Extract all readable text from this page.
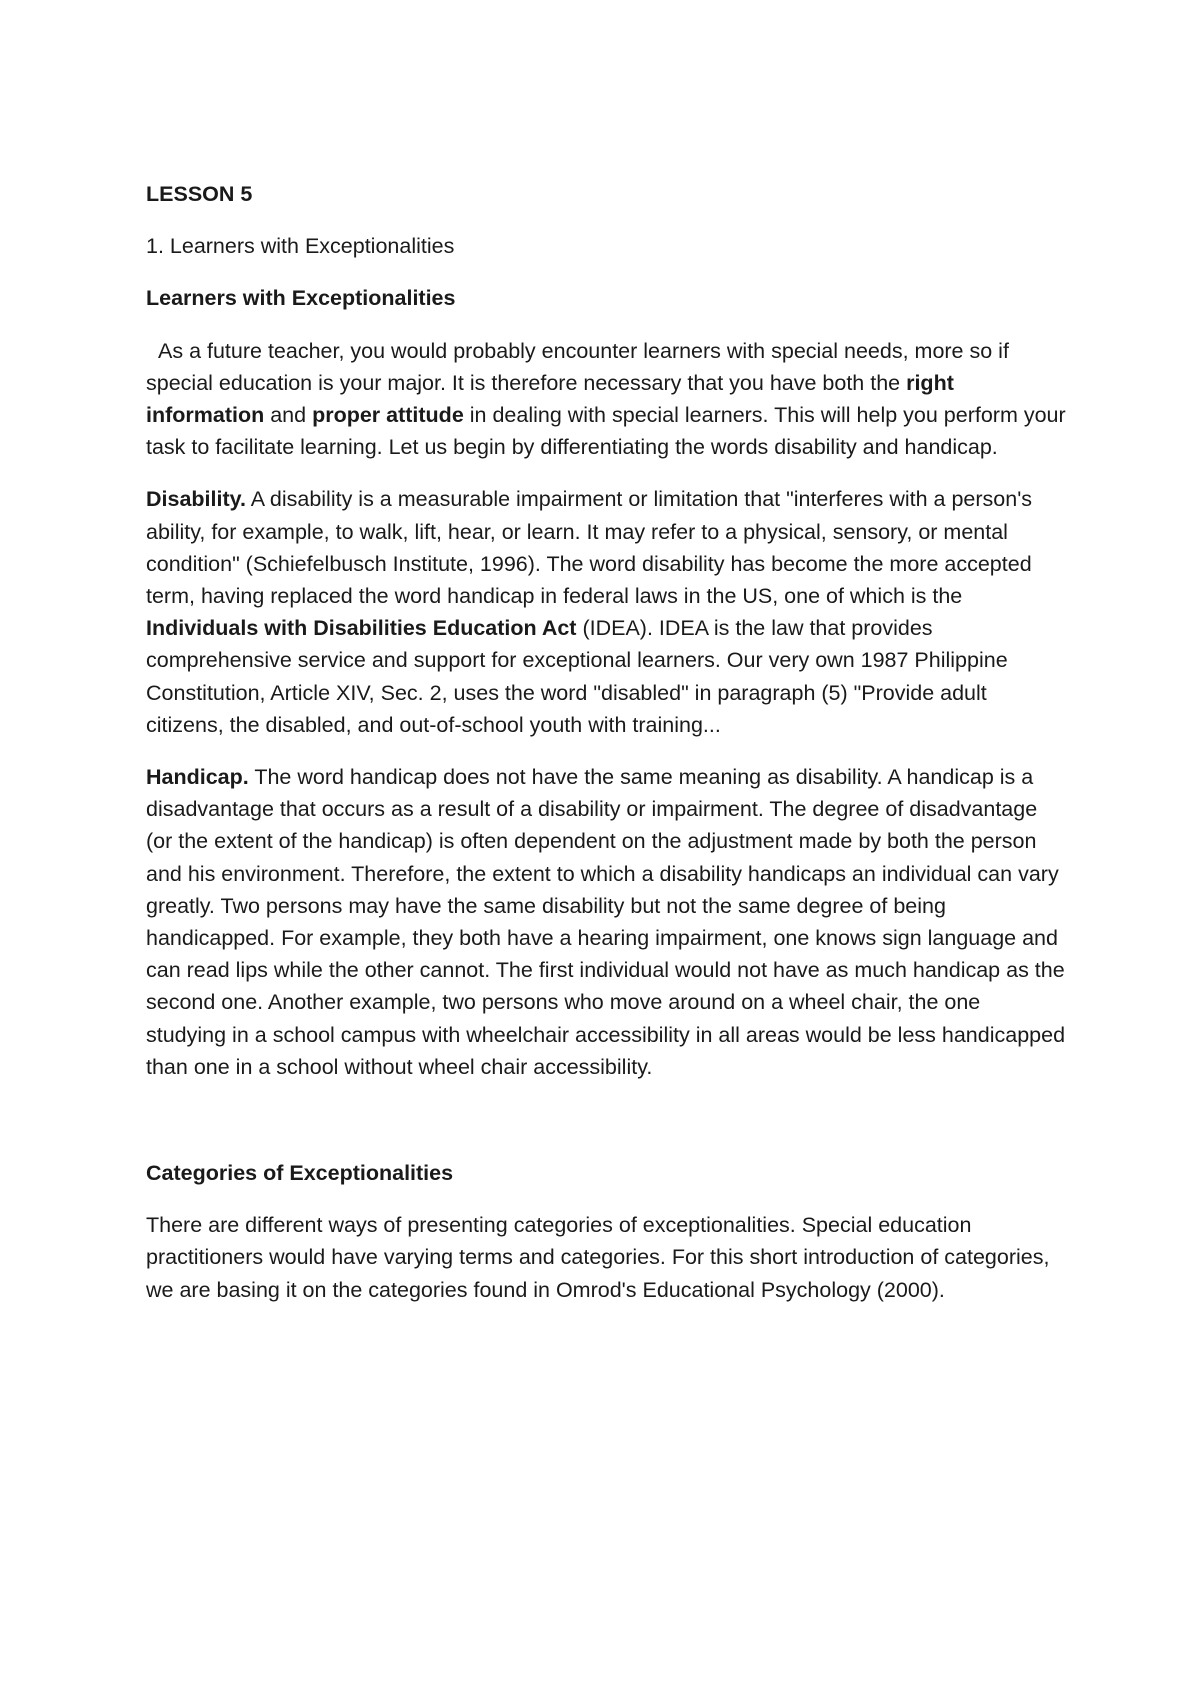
LESSON 5

1. Learners with Exceptionalities

Learners with Exceptionalities

As a future teacher, you would probably encounter learners with special needs, more so if special education is your major. It is therefore necessary that you have both the right information and proper attitude in dealing with special learners. This will help you perform your task to facilitate learning. Let us begin by differentiating the words disability and handicap.

Disability. A disability is a measurable impairment or limitation that "interferes with a person's ability, for example, to walk, lift, hear, or learn. It may refer to a physical, sensory, or mental condition" (Schiefelbusch Institute, 1996). The word disability has become the more accepted term, having replaced the word handicap in federal laws in the US, one of which is the Individuals with Disabilities Education Act (IDEA). IDEA is the law that provides comprehensive service and support for exceptional learners. Our very own 1987 Philippine Constitution, Article XIV, Sec. 2, uses the word "disabled" in paragraph (5) "Provide adult citizens, the disabled, and out-of-school youth with training...

Handicap. The word handicap does not have the same meaning as disability. A handicap is a disadvantage that occurs as a result of a disability or impairment. The degree of disadvantage (or the extent of the handicap) is often dependent on the adjustment made by both the person and his environment. Therefore, the extent to which a disability handicaps an individual can vary greatly. Two persons may have the same disability but not the same degree of being handicapped. For example, they both have a hearing impairment, one knows sign language and can read lips while the other cannot. The first individual would not have as much handicap as the second one. Another example, two persons who move around on a wheel chair, the one studying in a school campus with wheelchair accessibility in all areas would be less handicapped than one in a school without wheel chair accessibility.

Categories of Exceptionalities

There are different ways of presenting categories of exceptionalities. Special education practitioners would have varying terms and categories. For this short introduction of categories, we are basing it on the categories found in Omrod's Educational Psychology (2000).
